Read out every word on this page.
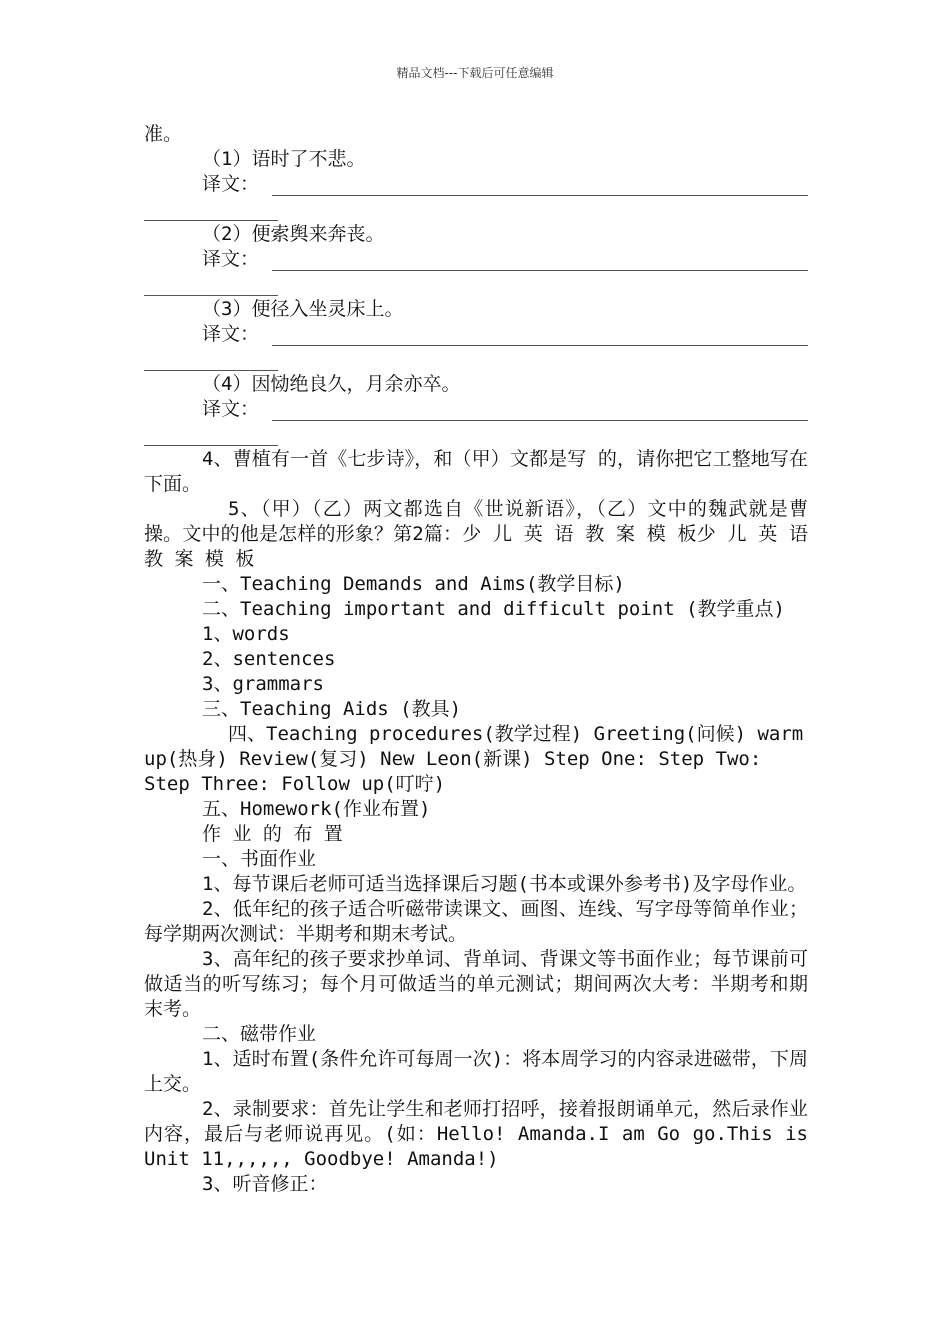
精品文档---下载后可任意编辑

准。

（1）语时了不悲。

译文：

（2）便索舆来奔丧。

译文：

（3）便径入坐灵床上。

译文：

（4）因恸绝良久，月余亦卒。

译文：

4、曹植有一首《七步诗》，和（甲）文都是写 的，请你把它工整地写在下面。

5、（甲）（乙）两文都选自《世说新语》，（乙）文中的魏武就是曹操。文中的他是怎样的形象？第2篇：少 儿 英 语 教 案 模 板少 儿 英 语 教 案 模 板

一、Teaching Demands and Aims(教学目标)

二、Teaching important and difficult point (教学重点)

1、words

2、sentences

3、grammars

三、Teaching Aids (教具)

四、Teaching procedures(教学过程) Greeting(问候) warm up(热身) Review(复习) New Leon(新课) Step One: Step Two: Step Three: Follow up(叮咛)

五、Homework(作业布置)

作 业 的 布 置

一、书面作业

1、每节课后老师可适当选择课后习题(书本或课外参考书)及字母作业。

2、低年纪的孩子适合听磁带读课文、画图、连线、写字母等简单作业；每学期两次测试：半期考和期末考试。

3、高年纪的孩子要求抄单词、背单词、背课文等书面作业；每节课前可做适当的听写练习；每个月可做适当的单元测试；期间两次大考：半期考和期末考。

二、磁带作业

1、适时布置(条件允许可每周一次)：将本周学习的内容录进磁带，下周上交。

2、录制要求：首先让学生和老师打招呼，接着报朗诵单元，然后录作业内容，最后与老师说再见。(如：Hello! Amanda.I am Go go.This is Unit 11,,,,,, Goodbye! Amanda!)

3、听音修正：
